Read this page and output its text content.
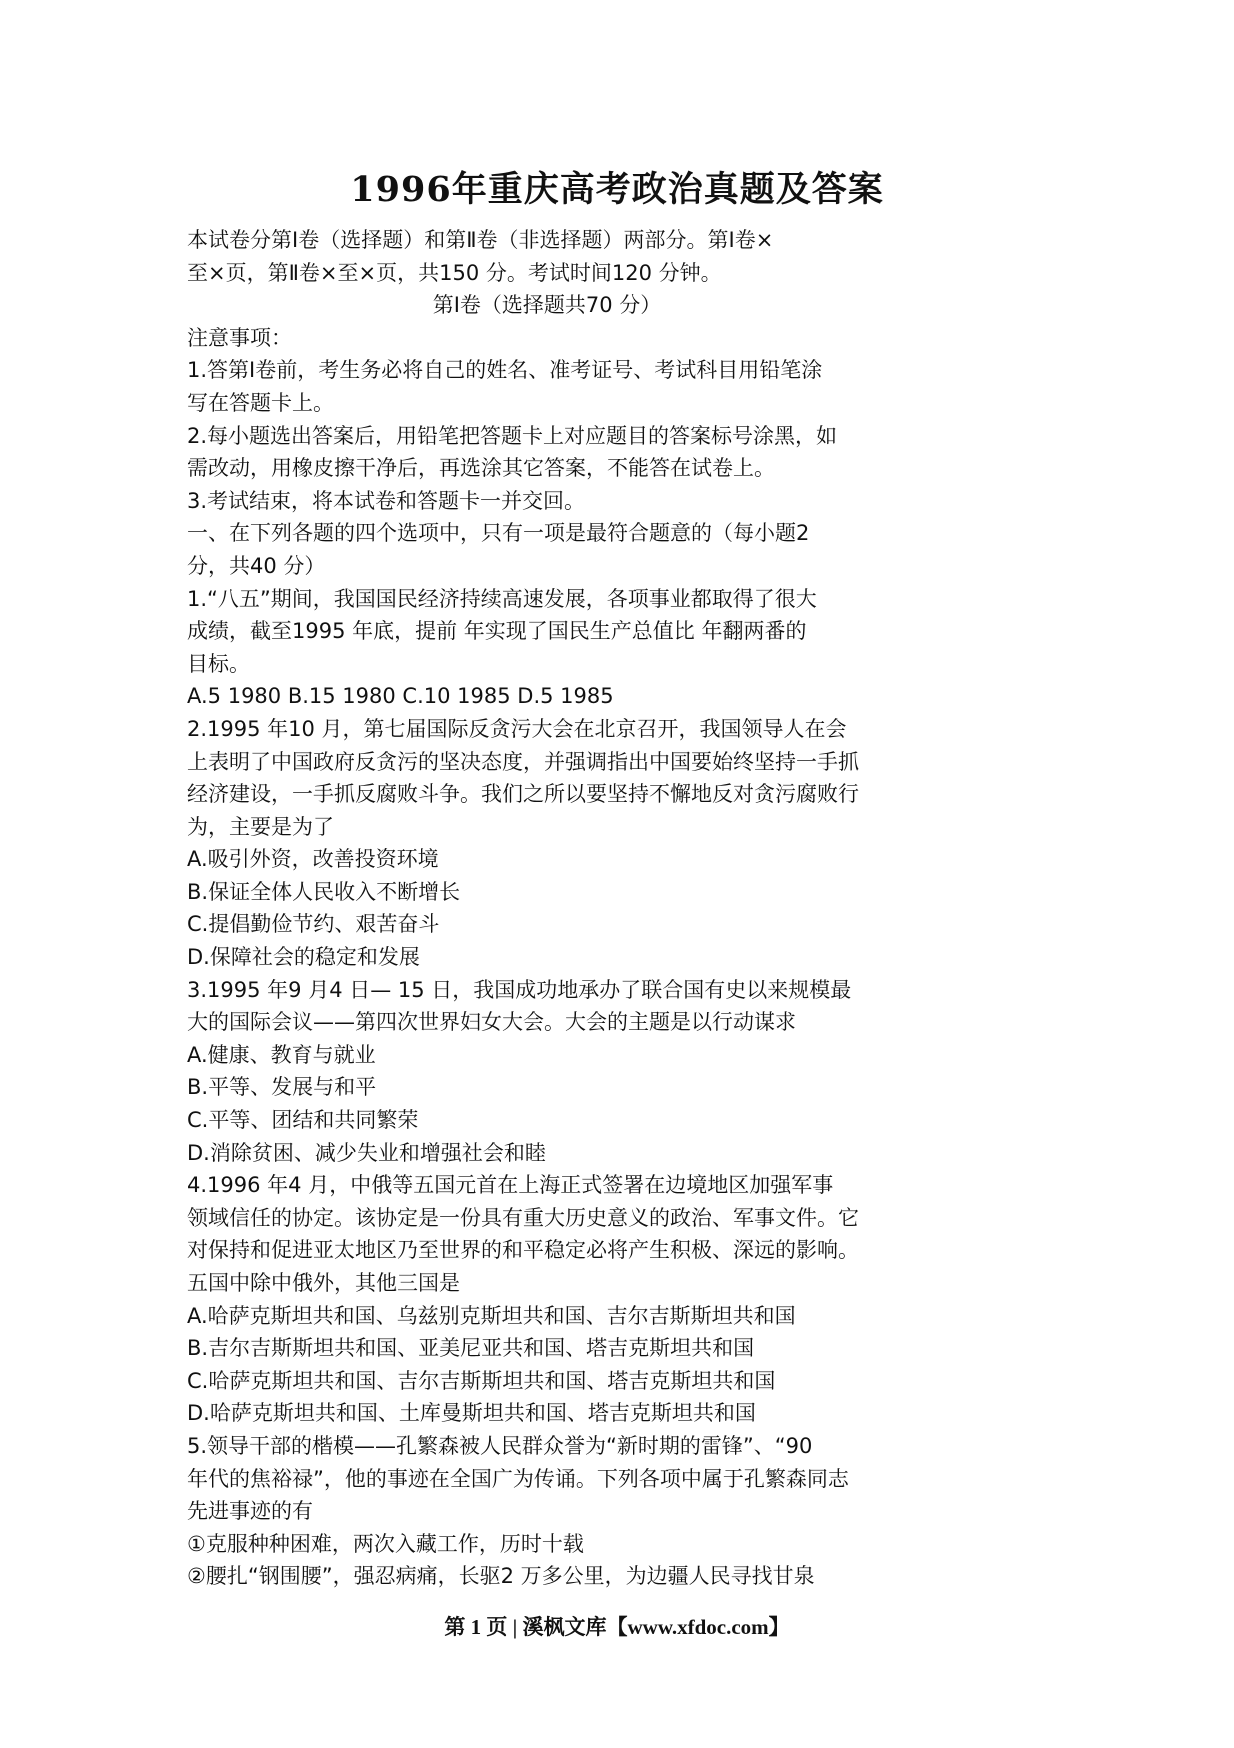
1996年重庆高考政治真题及答案
本试卷分第Ⅰ卷（选择题）和第Ⅱ卷（非选择题）两部分。第Ⅰ卷×
至×页，第Ⅱ卷×至×页，共150 分。考试时间120 分钟。
第Ⅰ卷（选择题共70 分）
注意事项：
1.答第Ⅰ卷前，考生务必将自己的姓名、准考证号、考试科目用铅笔涂
写在答题卡上。
2.每小题选出答案后，用铅笔把答题卡上对应题目的答案标号涂黑，如
需改动，用橡皮擦干净后，再选涂其它答案，不能答在试卷上。
3.考试结束，将本试卷和答题卡一并交回。
一、在下列各题的四个选项中，只有一项是最符合题意的（每小题2
分，共40 分）
1.“八五”期间，我国国民经济持续高速发展，各项事业都取得了很大
成绩，截至1995 年底，提前 年实现了国民生产总值比 年翻两番的
目标。
A.5 1980 B.15 1980 C.10 1985 D.5 1985
2.1995 年10 月，第七届国际反贪污大会在北京召开，我国领导人在会
上表明了中国政府反贪污的坚决态度，并强调指出中国要始终坚持一手抓
经济建设，一手抓反腐败斗争。我们之所以要坚持不懈地反对贪污腐败行
为，主要是为了
A.吸引外资，改善投资环境
B.保证全体人民收入不断增长
C.提倡勤俭节约、艰苦奋斗
D.保障社会的稳定和发展
3.1995 年9 月4 日— 15 日，我国成功地承办了联合国有史以来规模最
大的国际会议——第四次世界妇女大会。大会的主题是以行动谋求
A.健康、教育与就业
B.平等、发展与和平
C.平等、团结和共同繁荣
D.消除贫困、减少失业和增强社会和睦
4.1996 年4 月，中俄等五国元首在上海正式签署在边境地区加强军事
领域信任的协定。该协定是一份具有重大历史意义的政治、军事文件。它
对保持和促进亚太地区乃至世界的和平稳定必将产生积极、深远的影响。
五国中除中俄外，其他三国是
A.哈萨克斯坦共和国、乌兹别克斯坦共和国、吉尔吉斯斯坦共和国
B.吉尔吉斯斯坦共和国、亚美尼亚共和国、塔吉克斯坦共和国
C.哈萨克斯坦共和国、吉尔吉斯斯坦共和国、塔吉克斯坦共和国
D.哈萨克斯坦共和国、土库曼斯坦共和国、塔吉克斯坦共和国
5.领导干部的楷模——孔繁森被人民群众誉为“新时期的雷锋”、“90
年代的焦裕禄”，他的事迹在全国广为传诵。下列各项中属于孔繁森同志
先进事迹的有
①克服种种困难，两次入藏工作，历时十载
②腰扎“钢围腰”，强忍病痛，长驱2 万多公里，为边疆人民寻找甘泉
第 1 页 | 溪枫文库【www.xfdoc.com】
